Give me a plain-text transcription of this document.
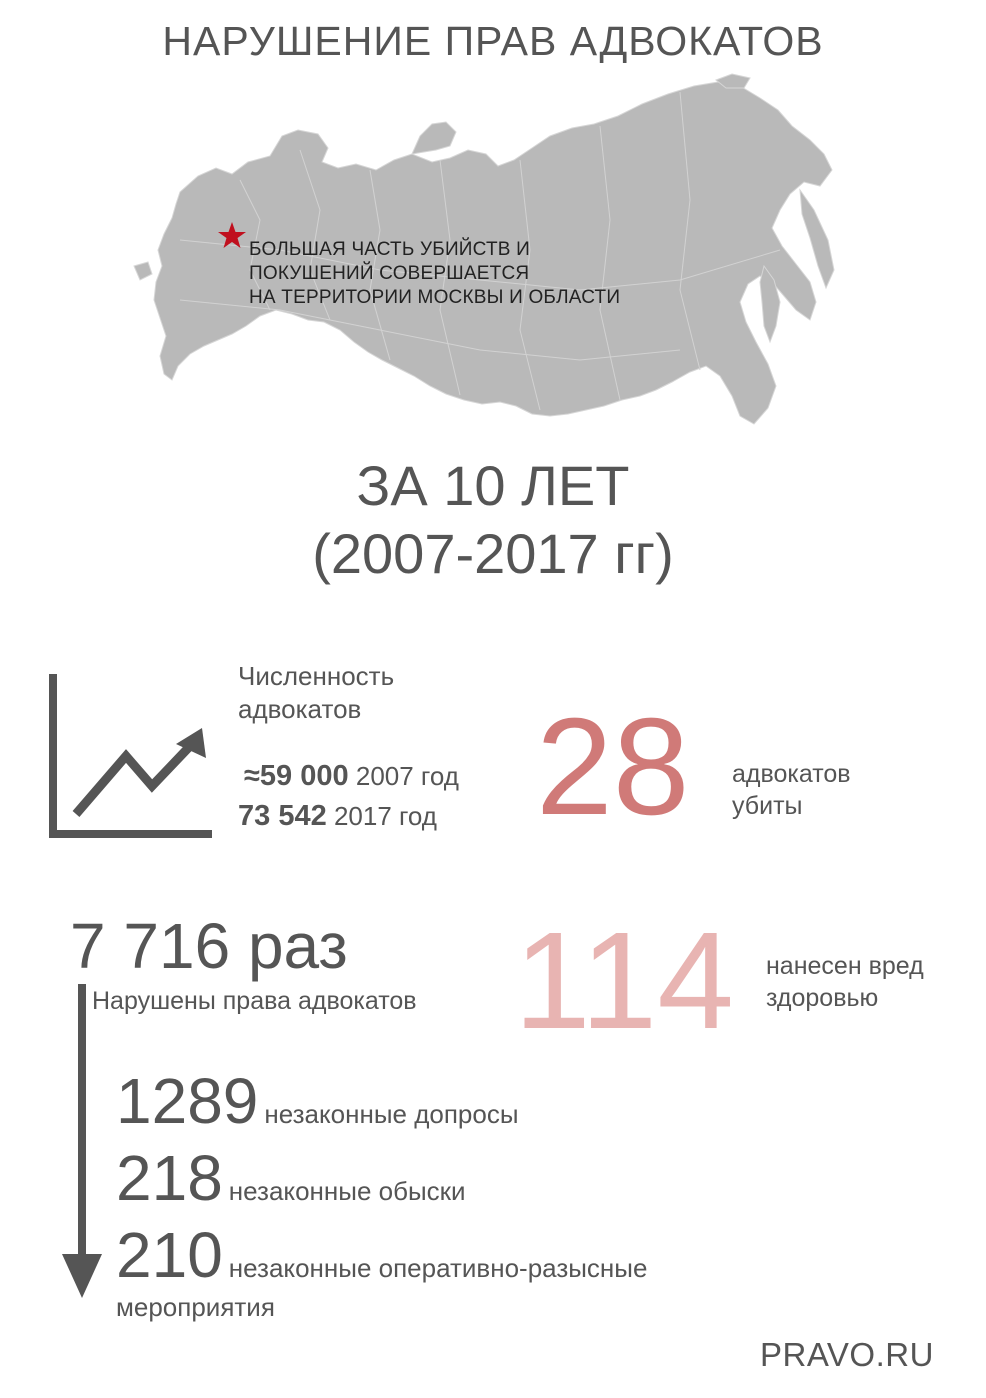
НАРУШЕНИЕ ПРАВ АДВОКАТОВ
БОЛЬШАЯ ЧАСТЬ УБИЙСТВ И
ПОКУШЕНИЙ СОВЕРШАЕТСЯ
НА ТЕРРИТОРИИ МОСКВЫ И ОБЛАСТИ
ЗА 10 ЛЕТ
(2007-2017 гг)
Численность
адвокатов
≈59 000 2007 год
73 542 2017 год 28 адвокатов
убиты
7 716 раз
Нарушены права адвокатов 114 нанесен вред
здоровью
1289 незаконные допросы
218 незаконные обыски
210 незаконные оперативно-разысные
мероприятия
PRAVO.RU
